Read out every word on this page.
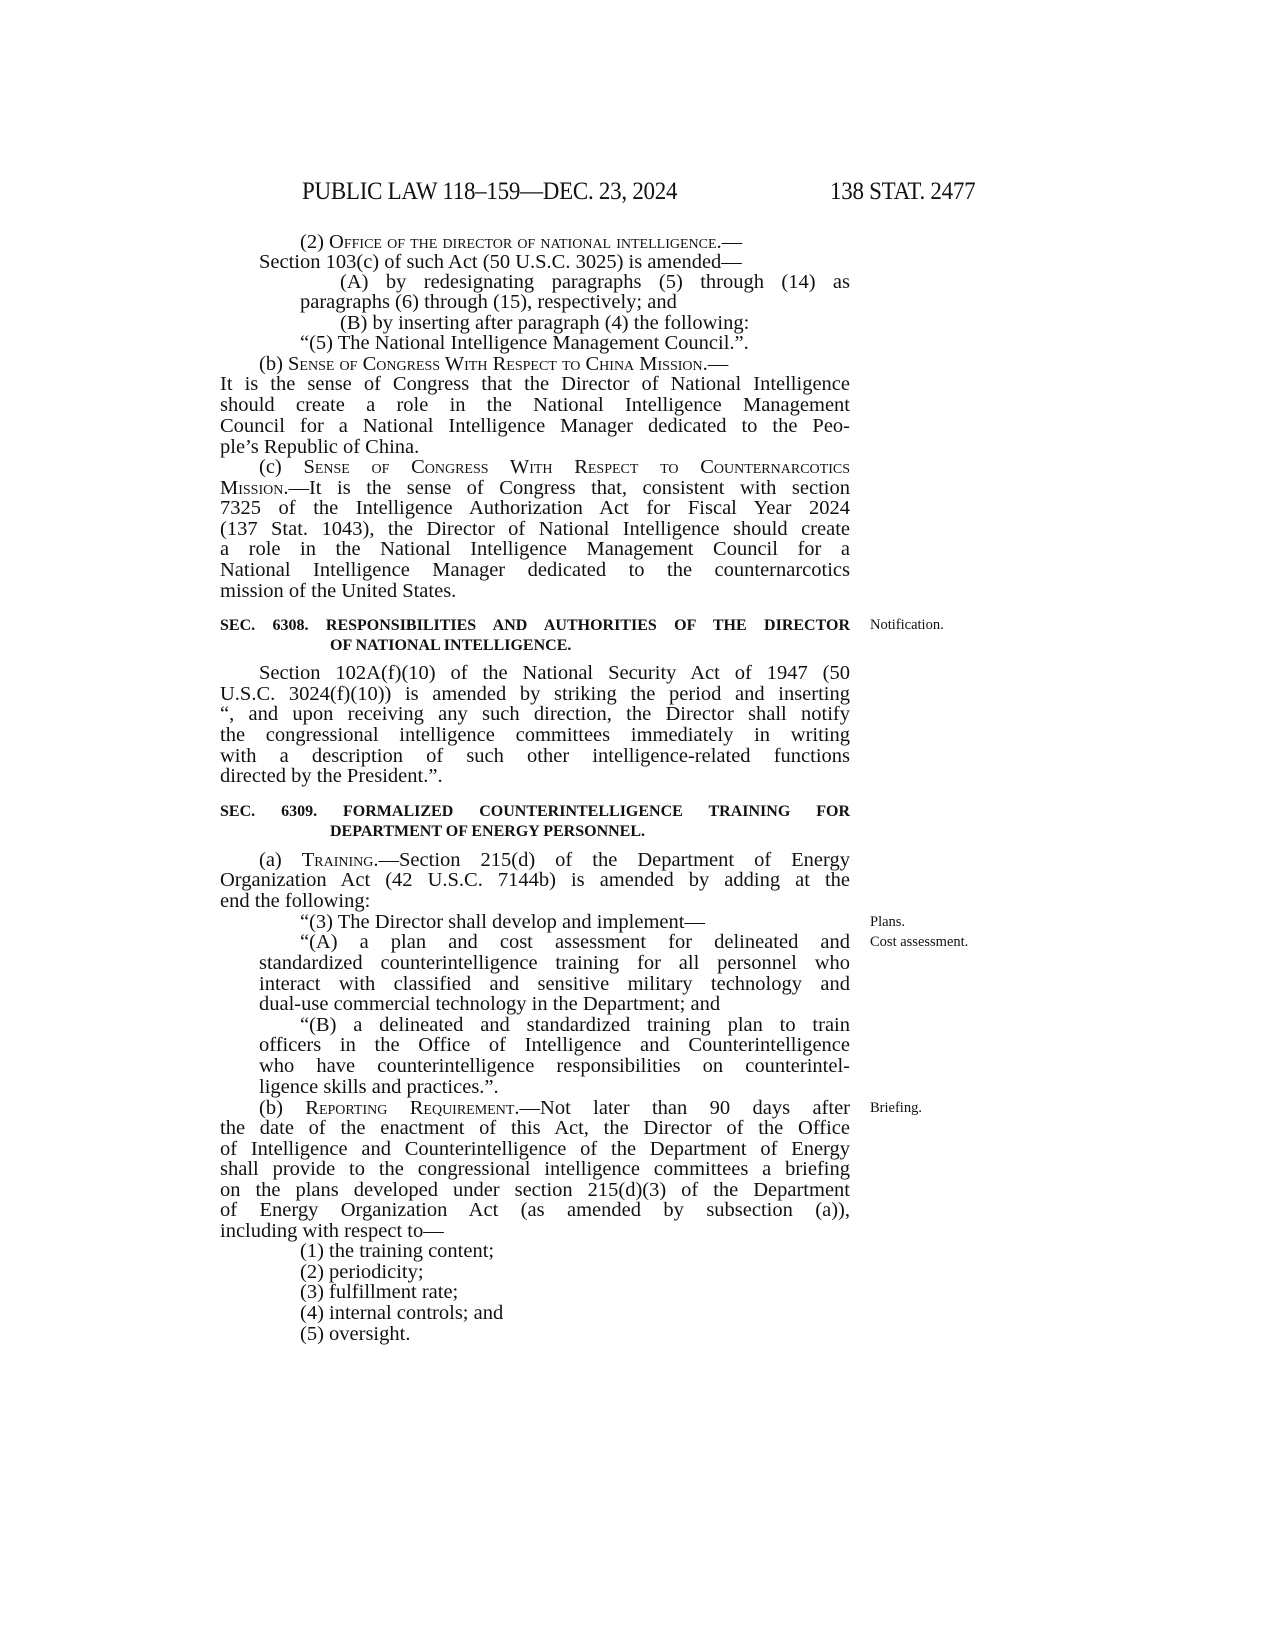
PUBLIC LAW 118–159—DEC. 23, 2024	138 STAT. 2477
(2) Office of the director of national intelligence.—
Section 103(c) of such Act (50 U.S.C. 3025) is amended—
(A) by redesignating paragraphs (5) through (14) as
paragraphs (6) through (15), respectively; and
(B) by inserting after paragraph (4) the following:
“(5) The National Intelligence Management Council.”.
(b) Sense of Congress With Respect to China Mission.—
It is the sense of Congress that the Director of National Intelligence
should create a role in the National Intelligence Management
Council for a National Intelligence Manager dedicated to the Peo-
ple’s Republic of China.
(c) Sense of Congress With Respect to Counternarcotics
Mission.—It is the sense of Congress that, consistent with section
7325 of the Intelligence Authorization Act for Fiscal Year 2024
(137 Stat. 1043), the Director of National Intelligence should create
a role in the National Intelligence Management Council for a
National Intelligence Manager dedicated to the counternarcotics
mission of the United States.
SEC. 6308. RESPONSIBILITIES AND AUTHORITIES OF THE DIRECTOR
OF NATIONAL INTELLIGENCE.
Notification.
Section 102A(f)(10) of the National Security Act of 1947 (50
U.S.C. 3024(f)(10)) is amended by striking the period and inserting
“, and upon receiving any such direction, the Director shall notify
the congressional intelligence committees immediately in writing
with a description of such other intelligence-related functions
directed by the President.”.
SEC. 6309. FORMALIZED COUNTERINTELLIGENCE TRAINING FOR
DEPARTMENT OF ENERGY PERSONNEL.
(a) Training.—Section 215(d) of the Department of Energy
Organization Act (42 U.S.C. 7144b) is amended by adding at the
end the following:
“(3) The Director shall develop and implement—	Plans.
“(A) a plan and cost assessment for delineated and Cost assessment.
standardized counterintelligence training for all personnel who
interact with classified and sensitive military technology and
dual-use commercial technology in the Department; and
“(B) a delineated and standardized training plan to train
officers in the Office of Intelligence and Counterintelligence
who have counterintelligence responsibilities on counterintel-
ligence skills and practices.”.
(b) Reporting Requirement.—Not later than 90 days after Briefing.
the date of the enactment of this Act, the Director of the Office
of Intelligence and Counterintelligence of the Department of Energy
shall provide to the congressional intelligence committees a briefing
on the plans developed under section 215(d)(3) of the Department
of Energy Organization Act (as amended by subsection (a)),
including with respect to—
(1) the training content;
(2) periodicity;
(3) fulfillment rate;
(4) internal controls; and
(5) oversight.
